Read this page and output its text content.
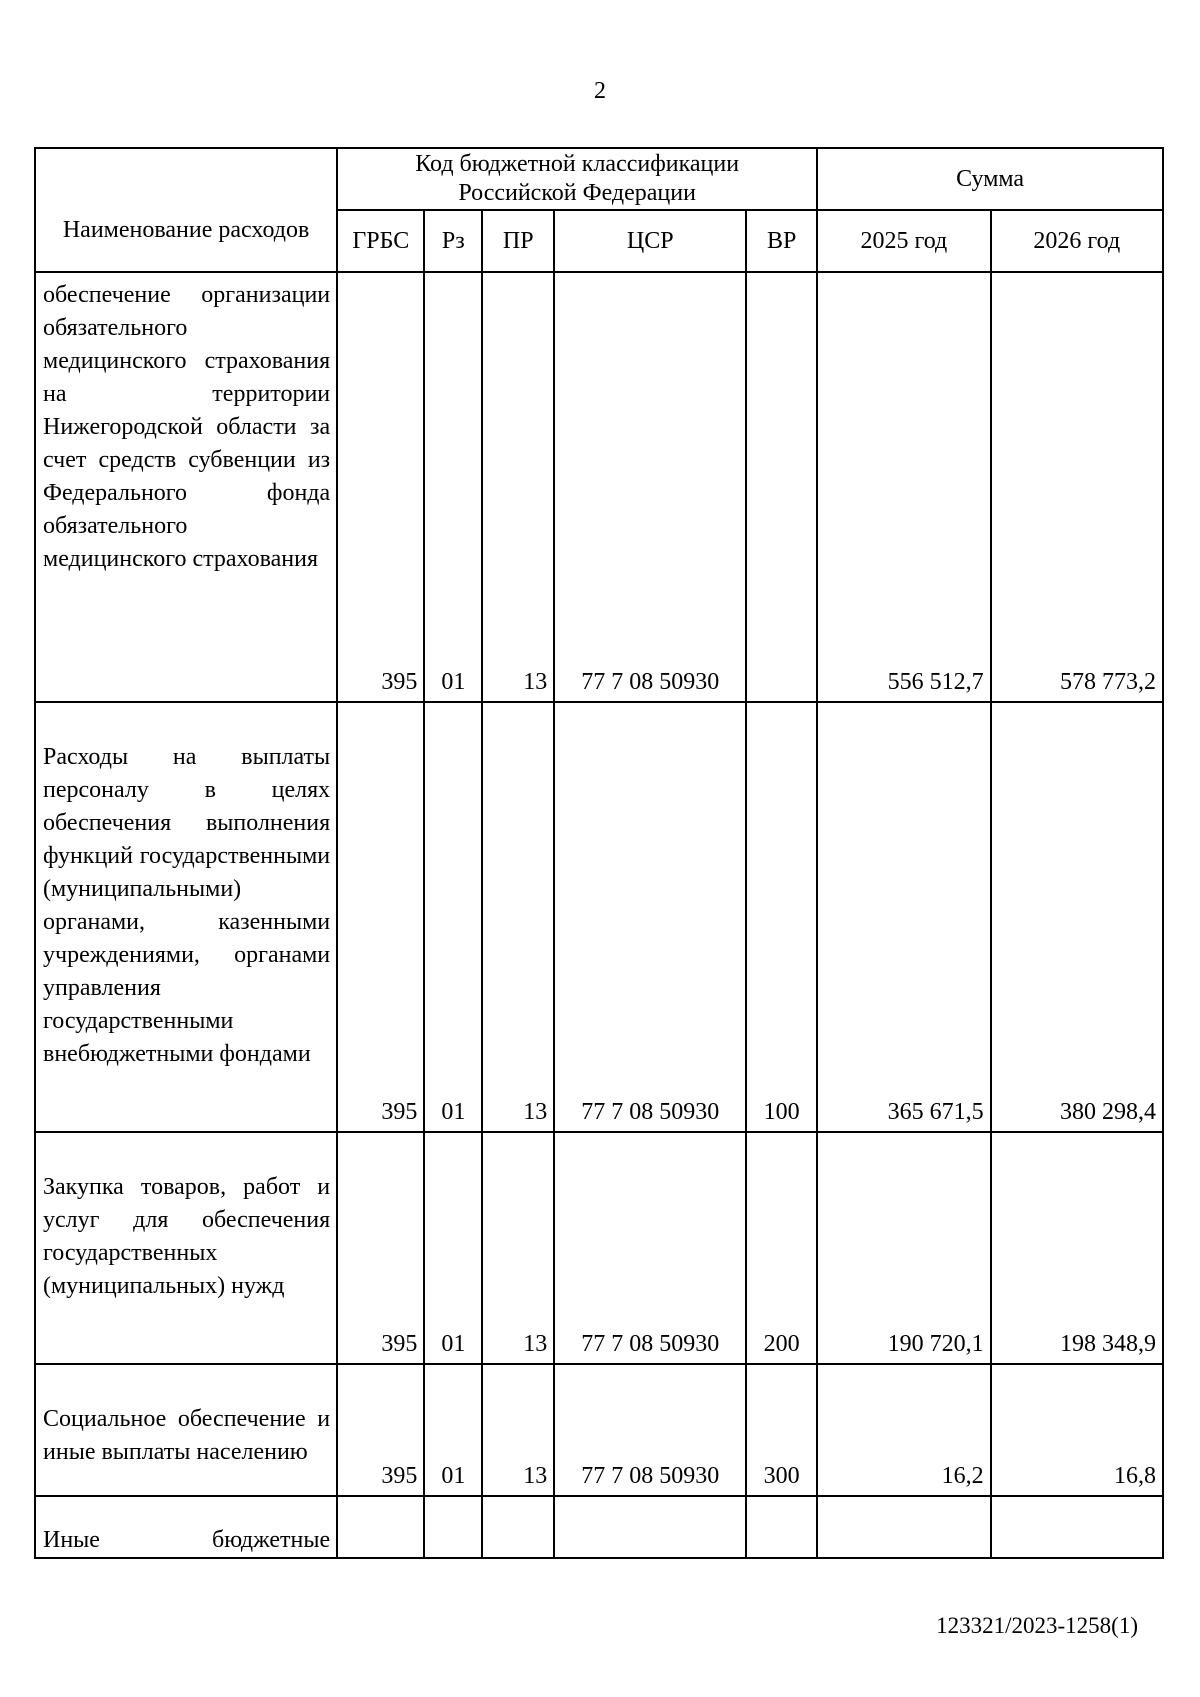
2
Наименование расходов	Код бюджетной классификации Российской Федерации					Сумма	
	ГРБС	Рз	ПР	ЦСР	ВР	2025 год	2026 год
обеспечение организации обязательного медицинского страхования на территории Нижегородской области за счет средств субвенции из Федерального фонда обязательного медицинского страхования	395	01	13	77 7 08 50930		556 512,7	578 773,2
Расходы на выплаты персоналу в целях обеспечения выполнения функций государственными (муниципальными) органами, казенными учреждениями, органами управления государственными внебюджетными фондами	395	01	13	77 7 08 50930	100	365 671,5	380 298,4
Закупка товаров, работ и услуг для обеспечения государственных (муниципальных) нужд	395	01	13	77 7 08 50930	200	190 720,1	198 348,9
Социальное обеспечение и иные выплаты населению	395	01	13	77 7 08 50930	300	16,2	16,8
Иные бюджетные							
123321/2023-1258(1)
